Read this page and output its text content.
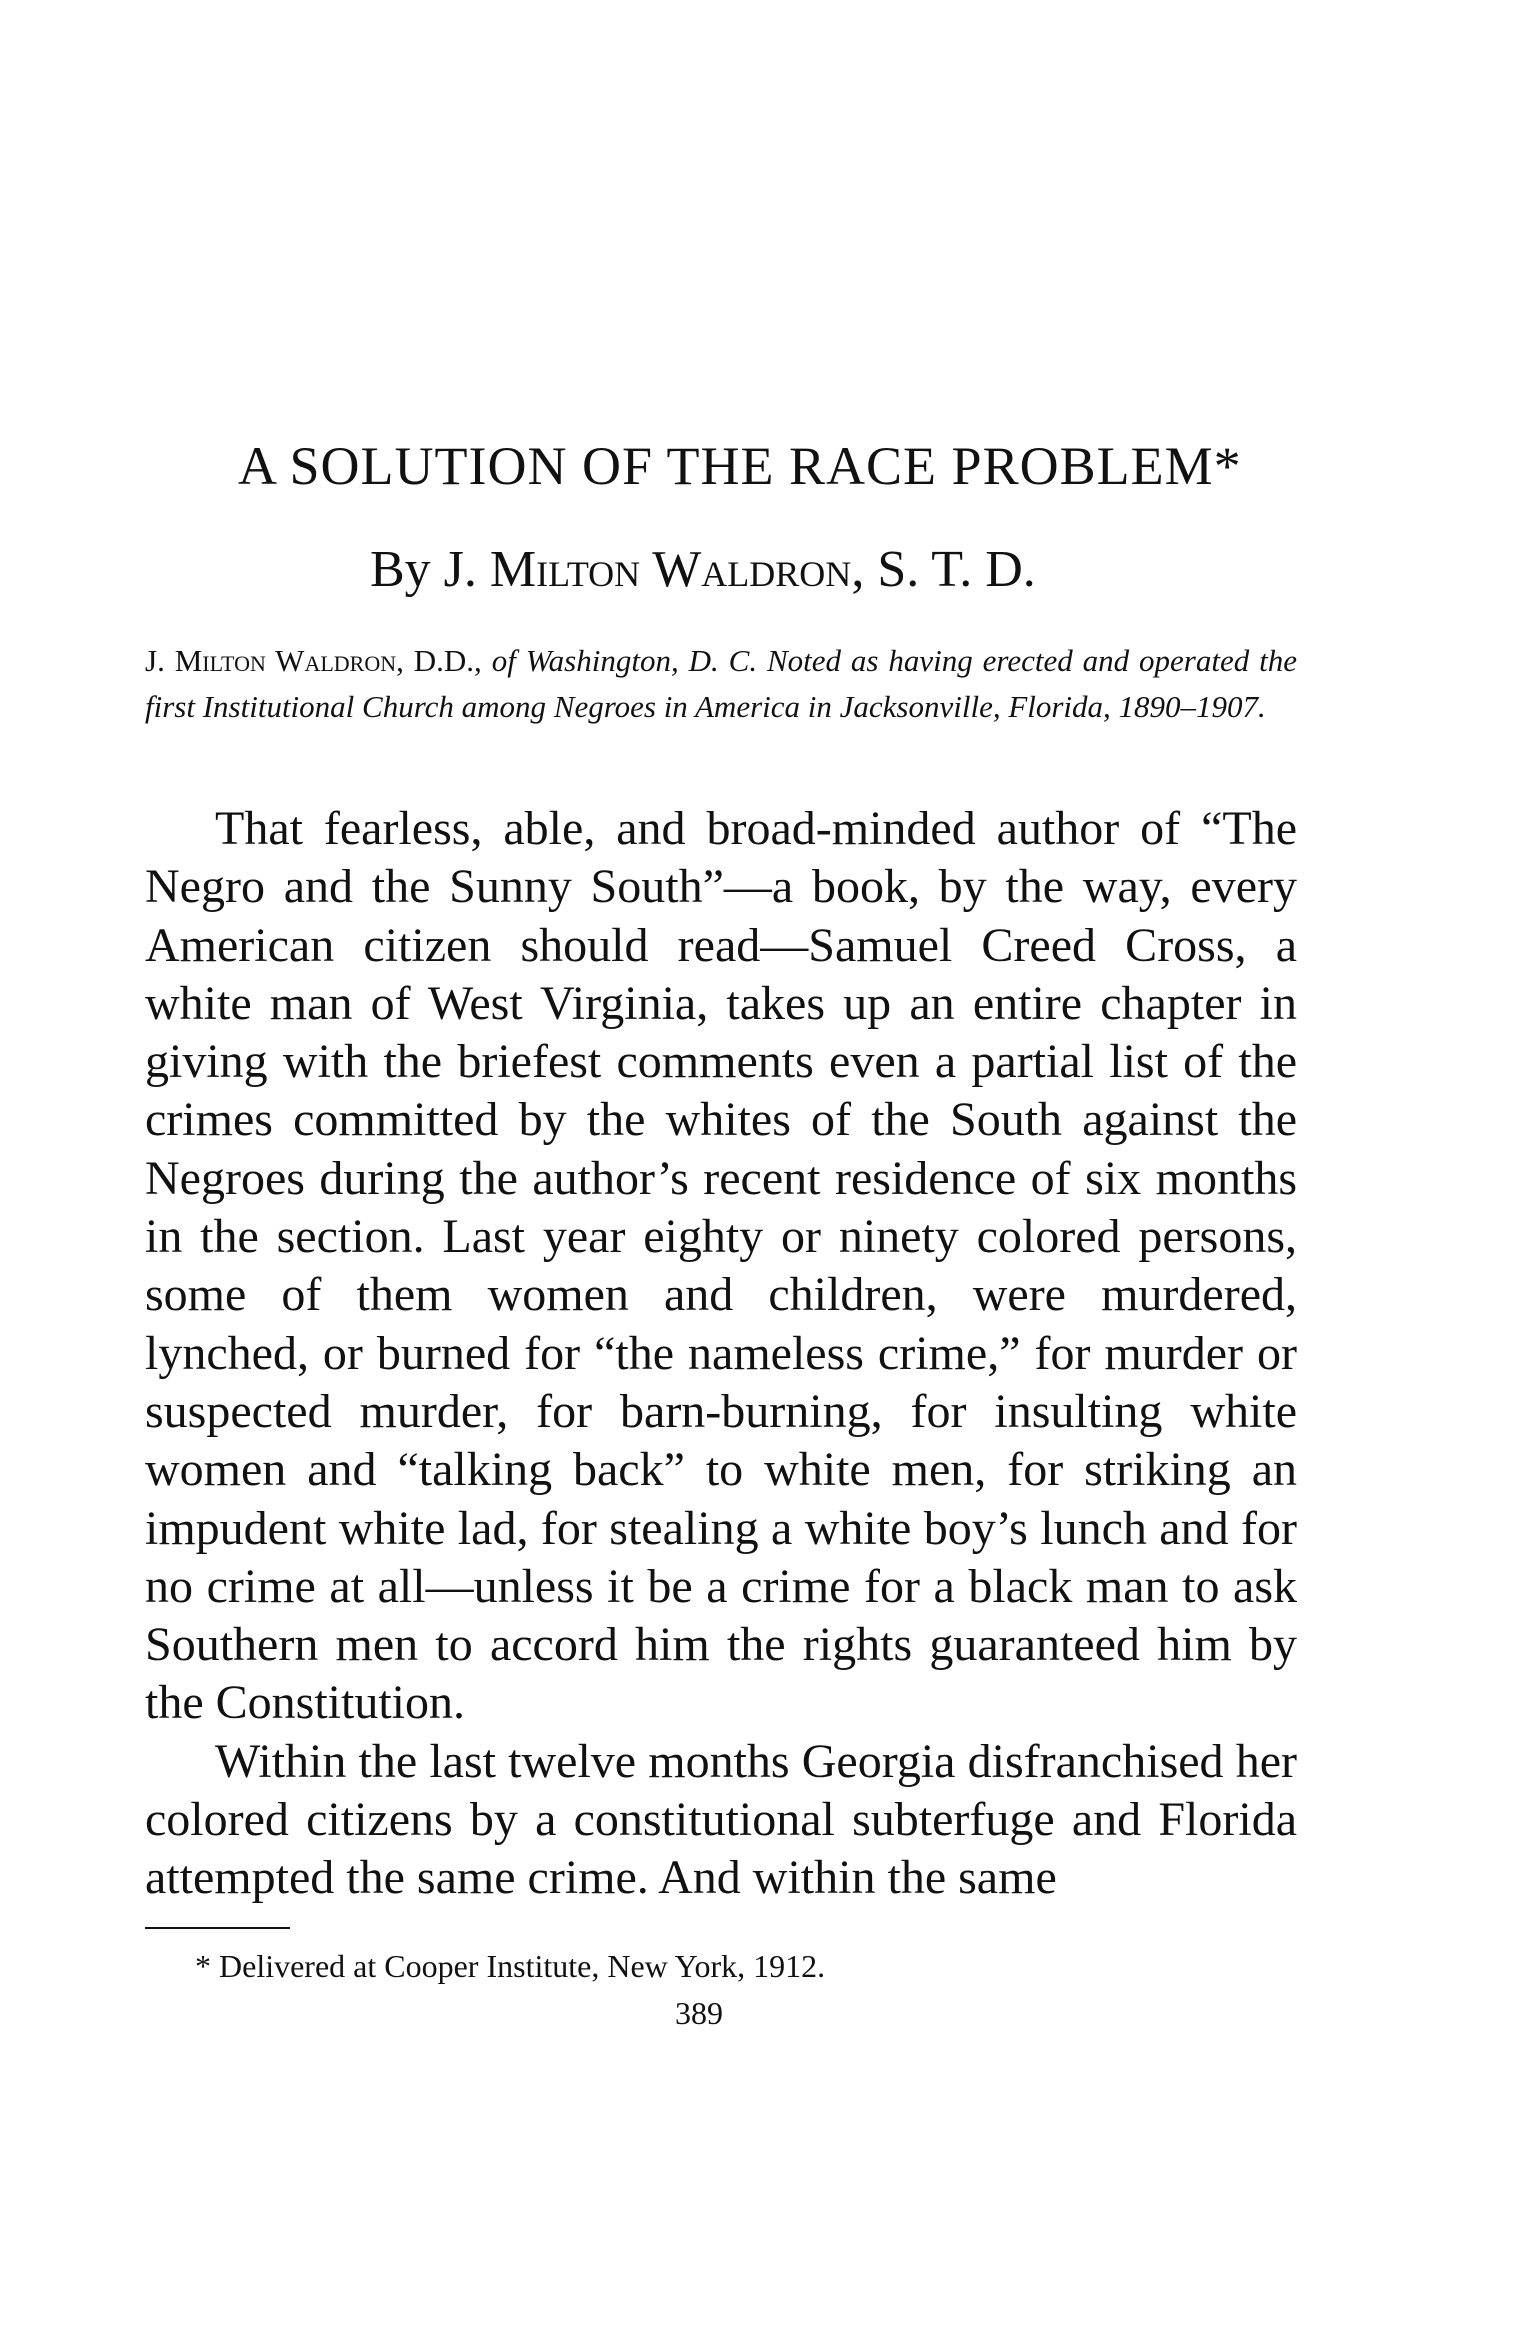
A SOLUTION OF THE RACE PROBLEM*

By J. Milton Waldron, S. T. D.

J. Milton Waldron, D.D., of Washington, D. C. Noted as having erected and operated the first Institutional Church among Negroes in America in Jacksonville, Florida, 1890–1907.

That fearless, able, and broad-minded author of “The Negro and the Sunny South”—a book, by the way, every American citizen should read—Samuel Creed Cross, a white man of West Virginia, takes up an entire chapter in giving with the briefest comments even a partial list of the crimes committed by the whites of the South against the Negroes during the author’s recent residence of six months in the section. Last year eighty or ninety colored persons, some of them women and children, were murdered, lynched, or burned for “the nameless crime,” for murder or suspected murder, for barn-burning, for insulting white women and “talking back” to white men, for striking an impudent white lad, for stealing a white boy’s lunch and for no crime at all—unless it be a crime for a black man to ask Southern men to accord him the rights guaranteed him by the Constitution.

Within the last twelve months Georgia disfranchised her colored citizens by a constitutional subterfuge and Florida attempted the same crime. And within the same

* Delivered at Cooper Institute, New York, 1912.

389
